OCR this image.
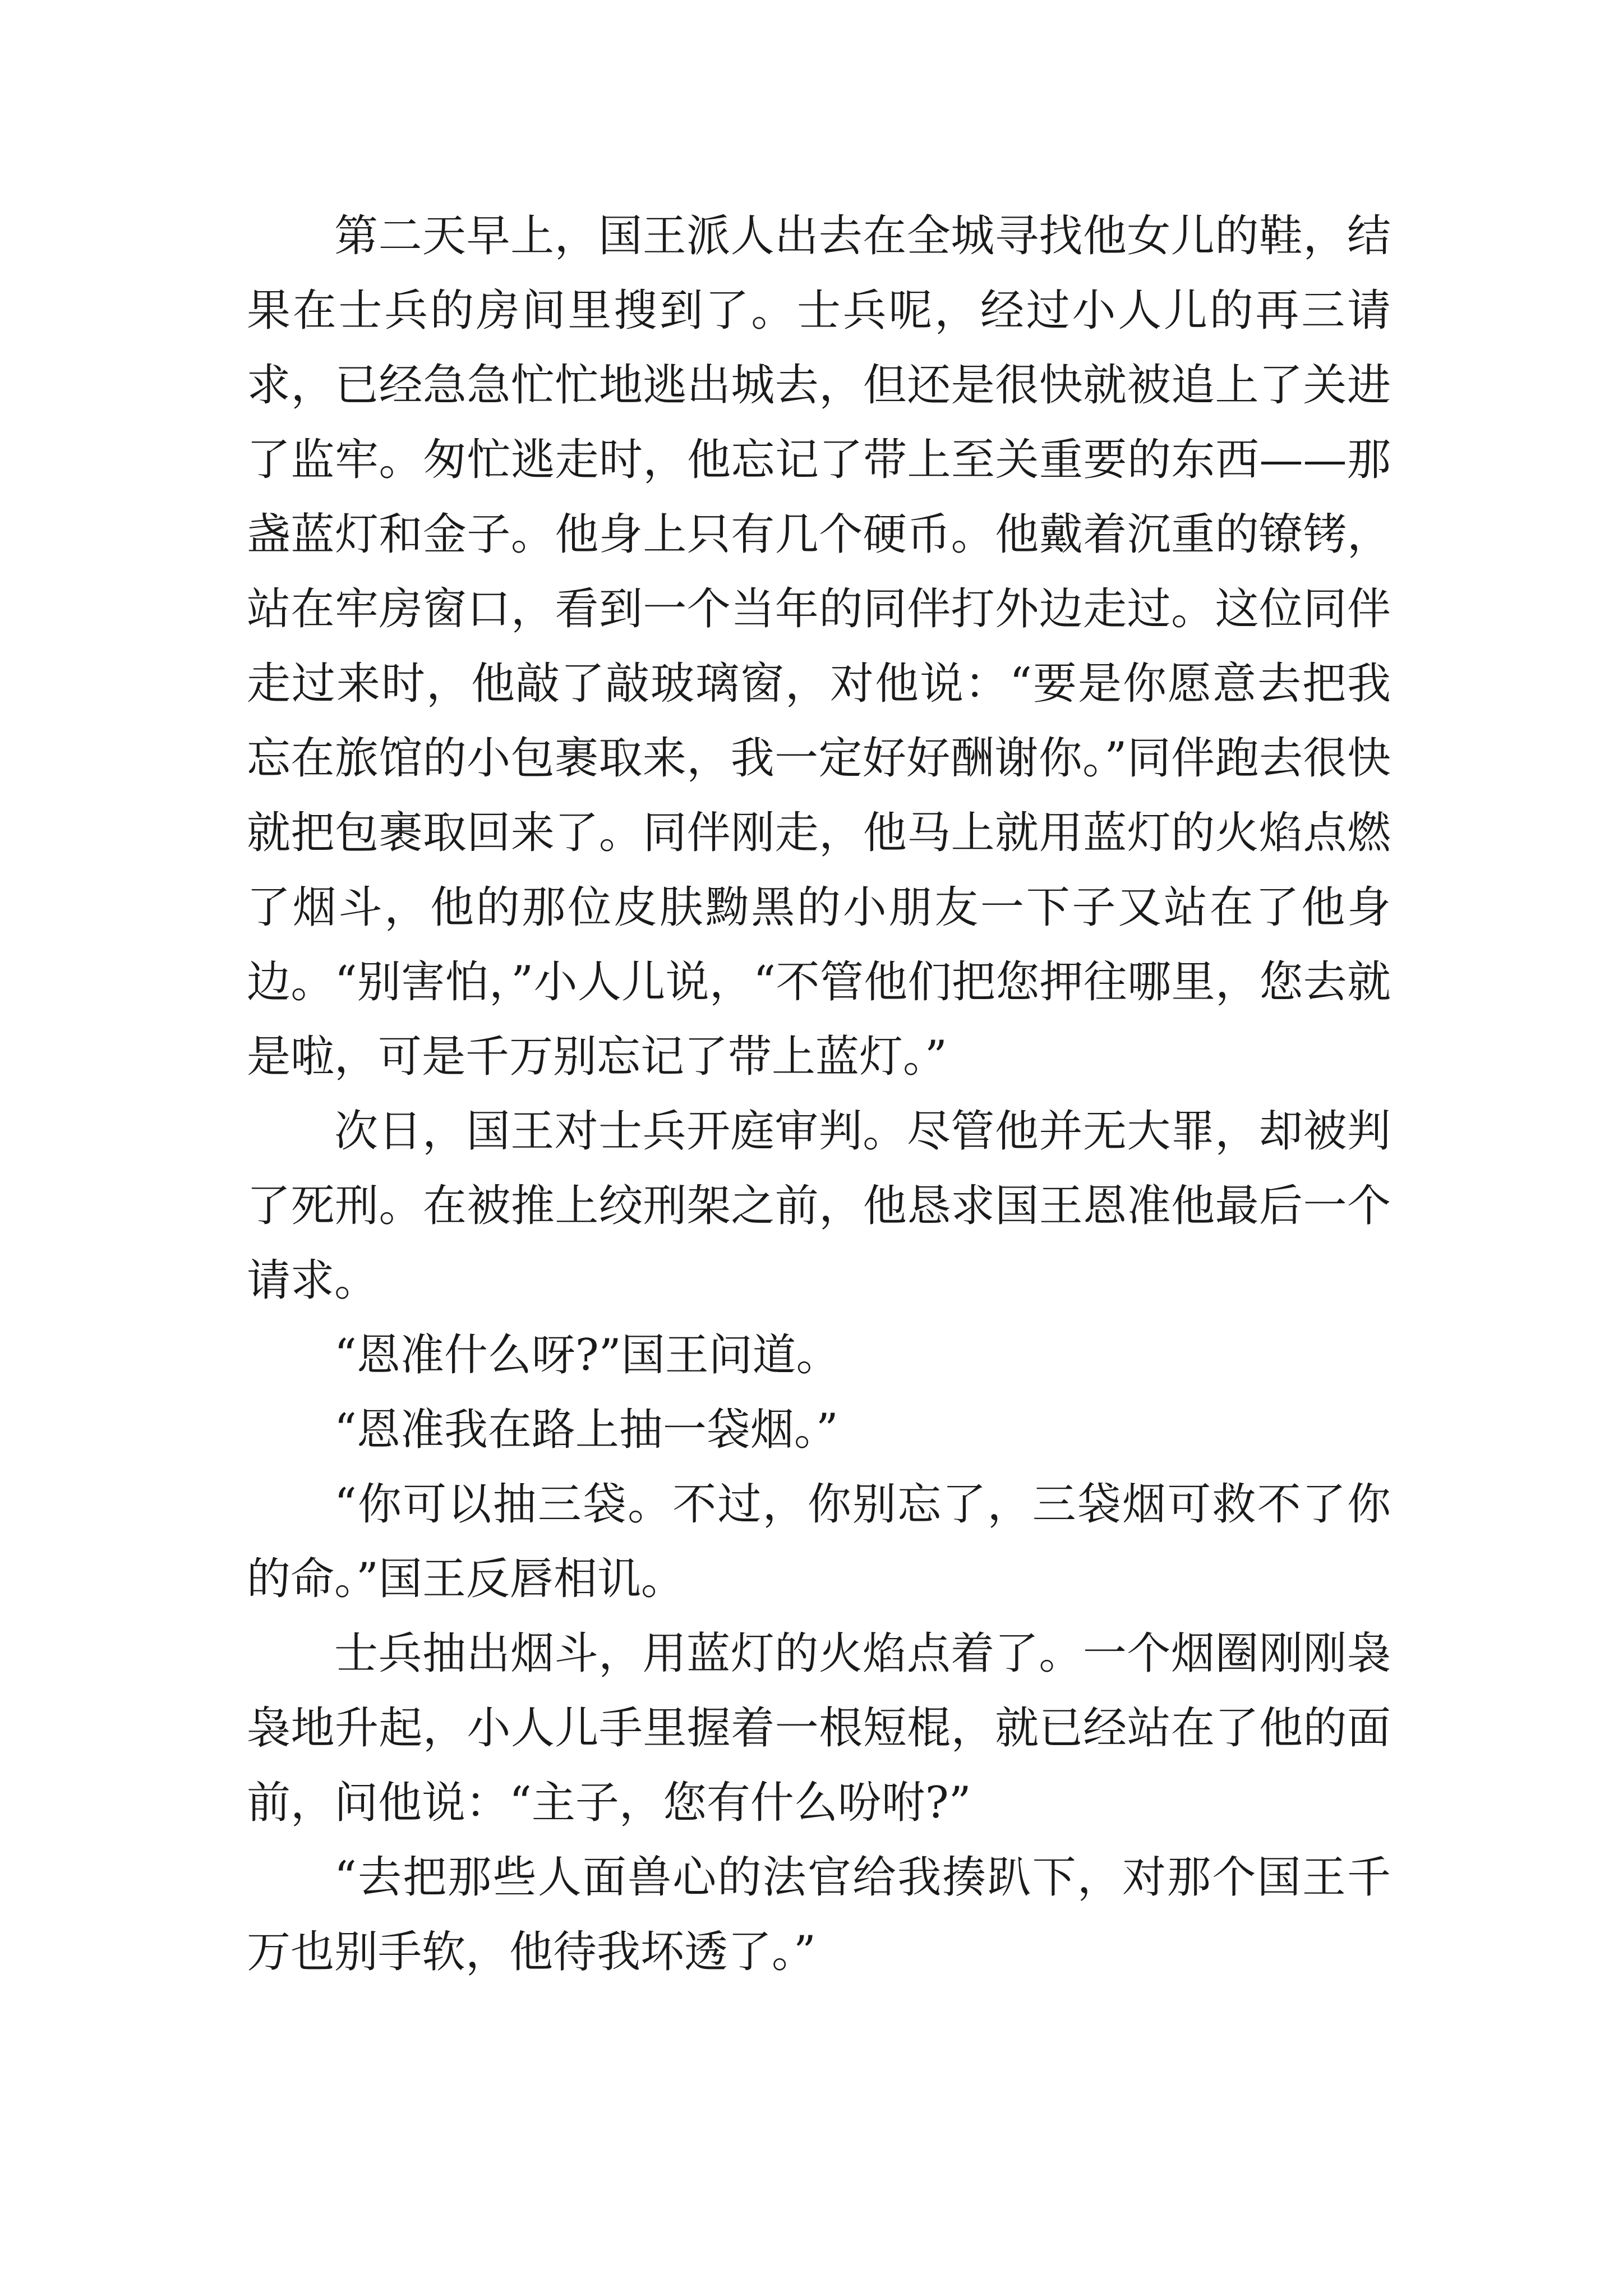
第二天早上，国王派人出去在全城寻找他女儿的鞋，结果在士兵的房间里搜到了。士兵呢，经过小人儿的再三请求，已经急急忙忙地逃出城去，但还是很快就被追上了关进了监牢。匆忙逃走时，他忘记了带上至关重要的东西——那盏蓝灯和金子。他身上只有几个硬币。他戴着沉重的镣铐，站在牢房窗口，看到一个当年的同伴打外边走过。这位同伴走过来时，他敲了敲玻璃窗，对他说：“要是你愿意去把我忘在旅馆的小包裹取来，我一定好好酬谢你。”同伴跑去很快就把包裹取回来了。同伴刚走，他马上就用蓝灯的火焰点燃了烟斗，他的那位皮肤黝黑的小朋友一下子又站在了他身边。“别害怕，”小人儿说，“不管他们把您押往哪里，您去就是啦，可是千万别忘记了带上蓝灯。”

次日，国王对士兵开庭审判。尽管他并无大罪，却被判了死刑。在被推上绞刑架之前，他恳求国王恩准他最后一个请求。

“恩准什么呀?”国王问道。

“恩准我在路上抽一袋烟。”

“你可以抽三袋。不过，你别忘了，三袋烟可救不了你的命。”国王反唇相讥。

士兵抽出烟斗，用蓝灯的火焰点着了。一个烟圈刚刚袅袅地升起，小人儿手里握着一根短棍，就已经站在了他的面前，问他说：“主子，您有什么吩咐?”

“去把那些人面兽心的法官给我揍趴下，对那个国王千万也别手软，他待我坏透了。”
